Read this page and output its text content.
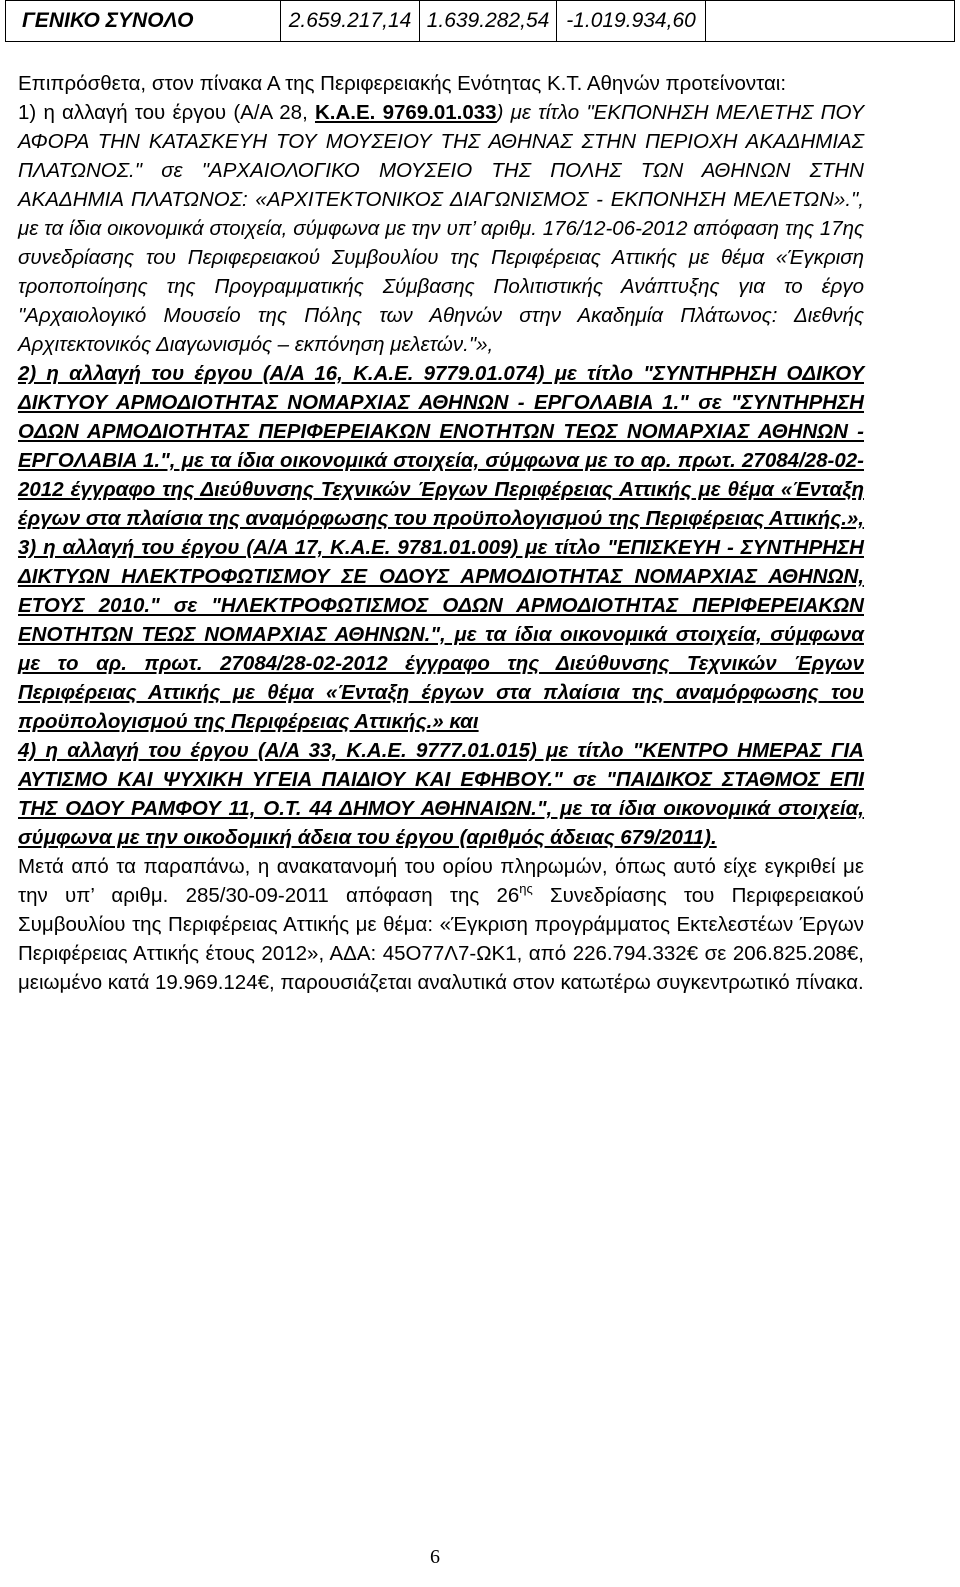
ΓΕΝΙΚΟ ΣΥΝΟΛΟ	2.659.217,14	1.639.282,54	-1.019.934,60	

Επιπρόσθετα, στον πίνακα Α της Περιφερειακής Ενότητας Κ.Τ. Αθηνών προτείνονται:

1) η αλλαγή του έργου (Α/Α 28, Κ.Α.Ε. 9769.01.033) με τίτλο "ΕΚΠΟΝΗΣΗ ΜΕΛΕΤΗΣ ΠΟΥ ΑΦΟΡΑ ΤΗΝ ΚΑΤΑΣΚΕΥΗ ΤΟΥ ΜΟΥΣΕΙΟΥ ΤΗΣ ΑΘΗΝΑΣ ΣΤΗΝ ΠΕΡΙΟΧΗ ΑΚΑΔΗΜΙΑΣ ΠΛΑΤΩΝΟΣ." σε "ΑΡΧΑΙΟΛΟΓΙΚΟ ΜΟΥΣΕΙΟ ΤΗΣ ΠΟΛΗΣ ΤΩΝ ΑΘΗΝΩΝ ΣΤΗΝ ΑΚΑΔΗΜΙΑ ΠΛΑΤΩΝΟΣ: «ΑΡΧΙΤΕΚΤΟΝΙΚΟΣ ΔΙΑΓΩΝΙΣΜΟΣ - ΕΚΠΟΝΗΣΗ ΜΕΛΕΤΩΝ».", με τα ίδια οικονομικά στοιχεία, σύμφωνα με την υπ’ αριθμ. 176/12-06-2012 απόφαση της 17ης συνεδρίασης του Περιφερειακού Συμβουλίου της Περιφέρειας Αττικής με θέμα «Έγκριση τροποποίησης της Προγραμματικής Σύμβασης Πολιτιστικής Ανάπτυξης για το έργο "Αρχαιολογικό Μουσείο της Πόλης των Αθηνών στην Ακαδημία Πλάτωνος: Διεθνής Αρχιτεκτονικός Διαγωνισμός – εκπόνηση μελετών."»,

2) η αλλαγή του έργου (Α/Α 16, Κ.Α.Ε. 9779.01.074) με τίτλο "ΣΥΝΤΗΡΗΣΗ ΟΔΙΚΟΥ ΔΙΚΤΥΟΥ ΑΡΜΟΔΙΟΤΗΤΑΣ ΝΟΜΑΡΧΙΑΣ ΑΘΗΝΩΝ - ΕΡΓΟΛΑΒΙΑ 1." σε "ΣΥΝΤΗΡΗΣΗ ΟΔΩΝ ΑΡΜΟΔΙΟΤΗΤΑΣ ΠΕΡΙΦΕΡΕΙΑΚΩΝ ΕΝΟΤΗΤΩΝ ΤΕΩΣ ΝΟΜΑΡΧΙΑΣ ΑΘΗΝΩΝ - ΕΡΓΟΛΑΒΙΑ 1.", με τα ίδια οικονομικά στοιχεία, σύμφωνα με το αρ. πρωτ. 27084/28-02-2012 έγγραφο της Διεύθυνσης Τεχνικών Έργων Περιφέρειας Αττικής με θέμα «Ένταξη έργων στα πλαίσια της αναμόρφωσης του προϋπολογισμού της Περιφέρειας Αττικής.»,

3) η αλλαγή του έργου (Α/Α 17, Κ.Α.Ε. 9781.01.009) με τίτλο "ΕΠΙΣΚΕΥΗ - ΣΥΝΤΗΡΗΣΗ ΔΙΚΤΥΩΝ ΗΛΕΚΤΡΟΦΩΤΙΣΜΟΥ ΣΕ ΟΔΟΥΣ ΑΡΜΟΔΙΟΤΗΤΑΣ ΝΟΜΑΡΧΙΑΣ ΑΘΗΝΩΝ, ΕΤΟΥΣ 2010." σε "ΗΛΕΚΤΡΟΦΩΤΙΣΜΟΣ ΟΔΩΝ ΑΡΜΟΔΙΟΤΗΤΑΣ ΠΕΡΙΦΕΡΕΙΑΚΩΝ ΕΝΟΤΗΤΩΝ ΤΕΩΣ ΝΟΜΑΡΧΙΑΣ ΑΘΗΝΩΝ.", με τα ίδια οικονομικά στοιχεία, σύμφωνα με το αρ. πρωτ. 27084/28-02-2012 έγγραφο της Διεύθυνσης Τεχνικών Έργων Περιφέρειας Αττικής με θέμα «Ένταξη έργων στα πλαίσια της αναμόρφωσης του προϋπολογισμού της Περιφέρειας Αττικής.» και

4) η αλλαγή του έργου (Α/Α 33, Κ.Α.Ε. 9777.01.015) με τίτλο "ΚΕΝΤΡΟ ΗΜΕΡΑΣ ΓΙΑ ΑΥΤΙΣΜΟ ΚΑΙ ΨΥΧΙΚΗ ΥΓΕΙΑ ΠΑΙΔΙΟΥ ΚΑΙ ΕΦΗΒΟΥ." σε "ΠΑΙΔΙΚΟΣ ΣΤΑΘΜΟΣ ΕΠΙ ΤΗΣ ΟΔΟΥ ΡΑΜΦΟΥ 11, Ο.Τ. 44 ΔΗΜΟΥ ΑΘΗΝΑΙΩΝ.", με τα ίδια οικονομικά στοιχεία, σύμφωνα με την οικοδομική άδεια του έργου (αριθμός άδειας 679/2011).

Μετά από τα παραπάνω, η ανακατανομή του ορίου πληρωμών, όπως αυτό είχε εγκριθεί με την υπ’ αριθμ. 285/30-09-2011 απόφαση της $26^{\eta\varsigma}$ Συνεδρίασης του Περιφερειακού Συμβουλίου της Περιφέρειας Αττικής με θέμα: «Έγκριση προγράμματος Εκτελεστέων Έργων Περιφέρειας Αττικής έτους 2012», ΑΔΑ: 45Ο77Λ7-ΩΚ1, από 226.794.332€ σε 206.825.208€, μειωμένο κατά 19.969.124€, παρουσιάζεται αναλυτικά στον κατωτέρω συγκεντρωτικό πίνακα.

6
